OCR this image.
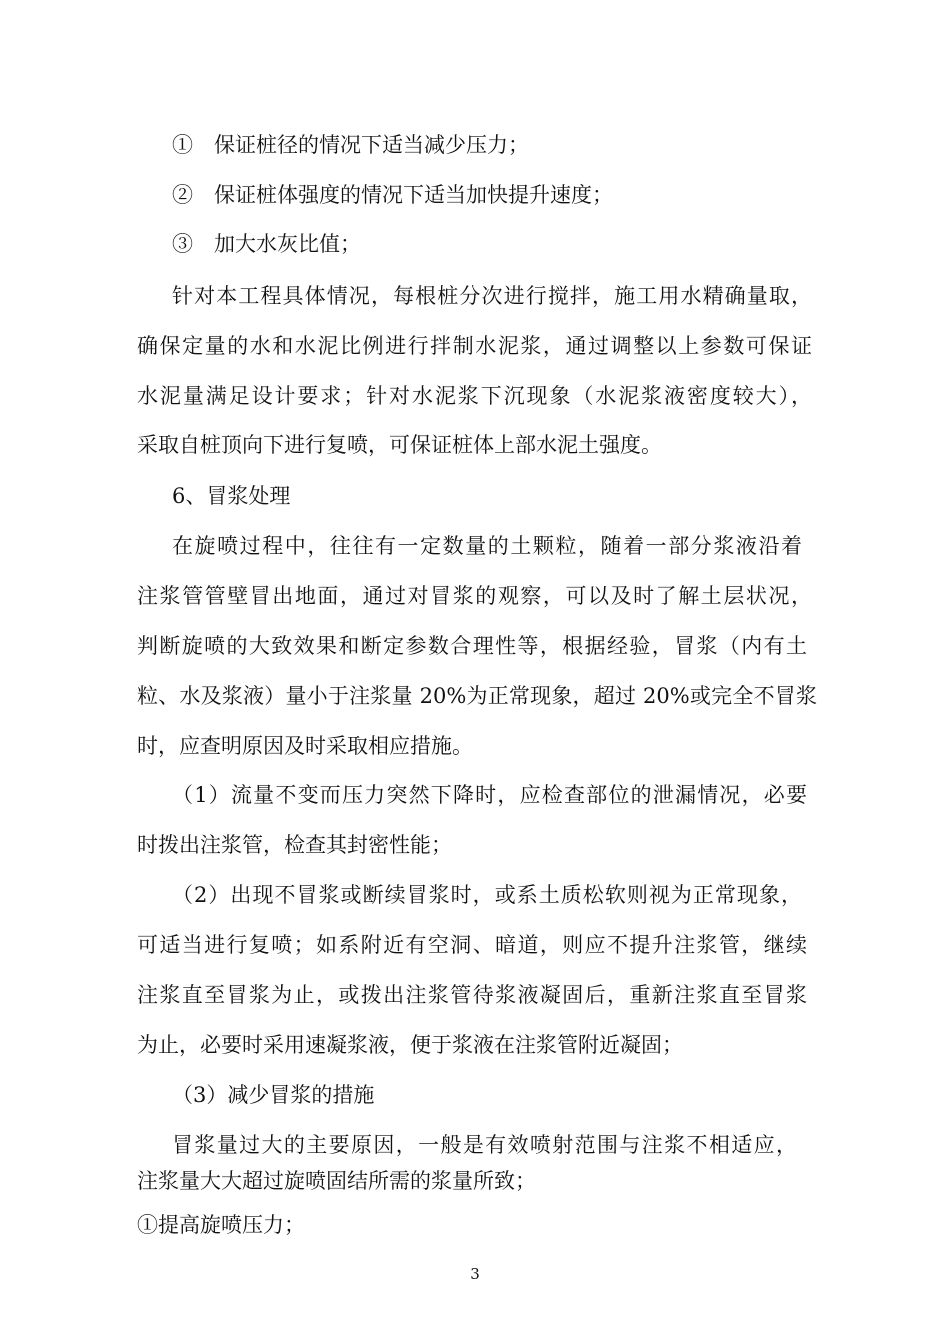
①　保证桩径的情况下适当减少压力；
②　保证桩体强度的情况下适当加快提升速度；
③　加大水灰比值；
针对本工程具体情况，每根桩分次进行搅拌，施工用水精确量取，
确保定量的水和水泥比例进行拌制水泥浆，通过调整以上参数可保证
水泥量满足设计要求；针对水泥浆下沉现象（水泥浆液密度较大），
采取自桩顶向下进行复喷，可保证桩体上部水泥土强度。
6、冒浆处理
在旋喷过程中，往往有一定数量的土颗粒，随着一部分浆液沿着
注浆管管壁冒出地面，通过对冒浆的观察，可以及时了解土层状况，
判断旋喷的大致效果和断定参数合理性等，根据经验，冒浆（内有土
粒、水及浆液）量小于注浆量 20%为正常现象，超过 20%或完全不冒浆
时，应查明原因及时采取相应措施。
（1）流量不变而压力突然下降时，应检查部位的泄漏情况，必要
时拨出注浆管，检查其封密性能；
（2）出现不冒浆或断续冒浆时，或系土质松软则视为正常现象，
可适当进行复喷；如系附近有空洞、暗道，则应不提升注浆管，继续
注浆直至冒浆为止，或拨出注浆管待浆液凝固后，重新注浆直至冒浆
为止，必要时采用速凝浆液，便于浆液在注浆管附近凝固；
（3）减少冒浆的措施
冒浆量过大的主要原因，一般是有效喷射范围与注浆不相适应，
注浆量大大超过旋喷固结所需的浆量所致；
①提高旋喷压力；
3
